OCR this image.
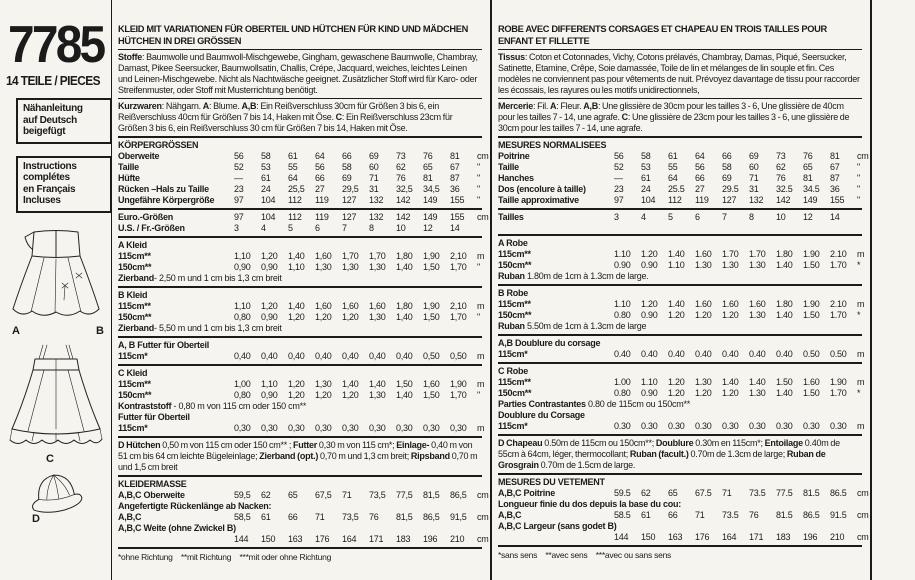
7785
14 TEILE / PIECES
Nähanleitung
auf Deutsch
beigefügt
Instructions
complétes
en Français
Incluses
A	B
C
D
KLEID MIT VARIATIONEN FÜR OBERTEIL UND HÜTCHEN FÜR KIND UND MÄDCHEN HÜTCHEN IN DREI GRÖSSEN
Stoffe: Baumwolle und Baumwoll-Mischgewebe, Gingham, gewaschene Baumwolle, Chambray, Damast, Pikee Seersucker, Baumwollsatin, Challis, Crépe, Jacquard, weiches, leichtes Leinen und Leinen-Mischgewebe. Nicht als Nachtwäsche geeignet. Zusätzlicher Stoff wird für Karo- oder Streifenmuster, oder Stoff mit Musterrichtung benötigt.
Kurzwaren: Nähgarn. A: Blume. A,B: Ein Reißverschluss 30cm für Größen 3 bis 6, ein Reißverschluss 40cm für Größen 7 bis 14, Haken mit Öse. C: Ein Reißverschluss 23cm für Größen 3 bis 6, ein Reißverschluss 30 cm für Größen 7 bis 14, Haken mit Öse.
KÖRPERGRÖSSEN
Oberweite	56	58	61	64	66	69	73	76	81	cm
Taille	52	53	55	56	58	60	62	65	67	"
Hüfte	—	61	64	66	69	71	76	81	87	"
Rücken –Hals zu Taille	23	24	25,5	27	29,5	31	32,5	34,5	36	"
Ungefähre Körpergröße	97	104	112	119	127	132	142	149	155	"
Euro.-Größen	97	104	112	119	127	132	142	149	155	cm
U.S. / Fr.-Größen	3	4	5	6	7	8	10	12	14
A Kleid
115cm**	1,10	1,20	1,40	1,60	1,70	1,70	1,80	1,90	2,10	m
150cm**	0,90	0,90	1,10	1,30	1,30	1,30	1,40	1,50	1,70	"
Zierband- 2,50 m und 1 cm bis 1,3 cm breit
B Kleid
115cm**	1,10	1,20	1,40	1,60	1,60	1,60	1,80	1,90	2,10	m
150cm**	0,80	0,90	1,20	1,20	1,20	1,30	1,40	1,50	1,70	"
Zierband- 5,50 m und 1 cm bis 1,3 cm breit
A, B Futter für Oberteil
115cm*	0,40	0,40	0,40	0,40	0,40	0,40	0,40	0,50	0,50	m
C Kleid
115cm**	1,00	1,10	1,20	1,30	1,40	1,40	1,50	1,60	1,90	m
150cm**	0,80	0,90	1,20	1,20	1,20	1,30	1,40	1,50	1,70	"
Kontraststoff - 0,80 m von 115 cm oder 150 cm**
Futter für Oberteil
115cm*	0,30	0,30	0,30	0,30	0,30	0,30	0,30	0,30	0,30	m
D Hütchen 0,50 m von 115 cm oder 150 cm** ; Futter 0,30 m von 115 cm*; Einlage- 0,40 m von 51 cm bis 64 cm leichte Bügeleinlage; Zierband (opt.) 0,70 m und 1,3 cm breit; Ripsband 0,70 m und 1,5 cm breit
KLEIDERMASSE
A,B,C Oberweite	59,5	62	65	67,5	71	73,5	77,5	81,5	86,5	cm
Angefertigte Rückenlänge ab Nacken:
A,B,C	58,5	61	66	71	73,5	76	81,5	86,5	91,5	cm
A,B,C Weite (ohne Zwickel B)
144	150	163	176	164	171	183	196	210	cm
*ohne Richtung **mit Richtung ***mit oder ohne Richtung
ROBE AVEC DIFFERENTS CORSAGES ET CHAPEAU EN TROIS TAILLES POUR ENFANT ET FILLETTE
Tissus: Coton et Cotonnades, Vichy, Cotons prélavés, Chambray, Damas, Piqué, Seersucker, Satinette, Etamine, Crêpe, Soie damassée, Toile de lin et mélanges de lin souple et fin. Ces modèles ne conviennent pas pour vêtements de nuit. Prévoyez davantage de tissu pour raccorder les écossais, les rayures ou les motifs unidirectionnels,
Mercerie: Fil. A: Fleur. A,B: Une glissière de 30cm pour les tailles 3 - 6, Une glissière de 40cm pour les tailles 7 - 14, une agrafe. C: Une glissière de 23cm pour les tailles 3 - 6, une glissière de 30cm pour les tailles 7 - 14, une agrafe.
MESURES NORMALISEES
Poitrine	56	58	61	64	66	69	73	76	81	cm
Taille	52	53	55	56	58	60	62	65	67	"
Hanches	—	61	64	66	69	71	76	81	87	"
Dos (encolure à taille)	23	24	25.5	27	29.5	31	32.5	34.5	36	"
Taille approximative	97	104	112	119	127	132	142	149	155	"
Tailles	3	4	5	6	7	8	10	12	14
A Robe
115cm**	1.10	1.20	1.40	1.60	1.70	1.70	1.80	1.90	2.10	m
150cm**	0.90	0.90	1.10	1.30	1.30	1.30	1.40	1.50	1.70	*
Ruban 1.80m de 1cm à 1.3cm de large.
B Robe
115cm**	1.10	1.20	1.40	1.60	1.60	1.60	1.80	1.90	2.10	m
150cm**	0.80	0.90	1.20	1.20	1.20	1.30	1.40	1.50	1.70	*
Ruban 5.50m de 1cm à 1.3cm de large
A,B Doublure du corsage
115cm*	0.40	0.40	0.40	0.40	0.40	0.40	0.40	0.50	0.50	m
C Robe
115cm**	1.00	1.10	1.20	1.30	1.40	1.40	1.50	1.60	1.90	m
150cm**	0.80	0.90	1.20	1.20	1.20	1.30	1.40	1.50	1.70	*
Parties Contrastantes 0.80 de 115cm ou 150cm**
Doublure du Corsage
115cm*	0.30	0.30	0.30	0.30	0.30	0.30	0.30	0.30	0.30	m
D Chapeau 0.50m de 115cm ou 150cm**; Doublure 0.30m en 115cm*; Entoilage 0.40m de 55cm à 64cm, léger, thermocollant; Ruban (facult.) 0.70m de 1.3cm de large; Ruban de Grosgrain 0.70m de 1.5cm de large.
MESURES DU VETEMENT
A,B,C Poitrine	59.5	62	65	67.5	71	73.5	77.5	81.5	86.5	cm
Longueur finie du dos depuis la base du cou:
A,B,C	58.5	61	66	71	73.5	76	81.5	86.5	91.5	cm
A,B,C Largeur (sans godet B)
144	150	163	176	164	171	183	196	210	cm
*sans sens **avec sens ***avec ou sans sens
